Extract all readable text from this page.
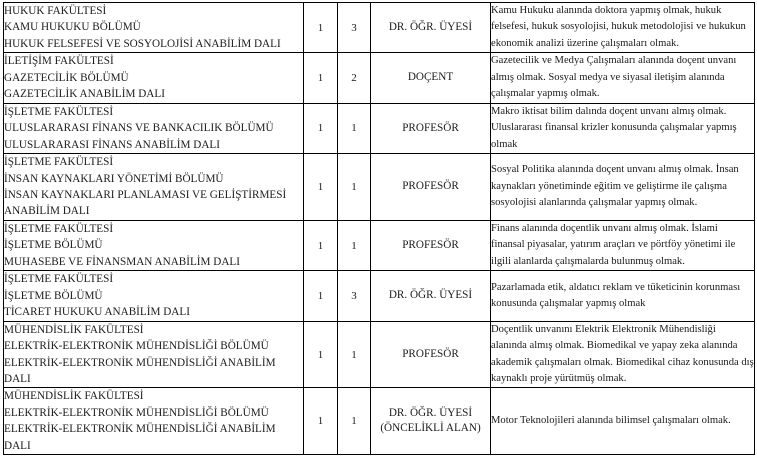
HUKUK FAKÜLTESİ
KAMU HUKUKU BÖLÜMÜ
HUKUK FELSEFESİ VE SOSYOLOJİSİ ANABİLİM DALI	1	3	DR. ÖĞR. ÜYESİ	Kamu Hukuku alanında doktora yapmış olmak, hukuk felsefesi, hukuk sosyolojisi, hukuk metodolojisi ve hukukun ekonomik analizi üzerine çalışmaları olmak.

İLETİŞİM FAKÜLTESİ
GAZETECİLİK BÖLÜMÜ
GAZETECİLİK ANABİLİM DALI	1	2	DOÇENT	Gazetecilik ve Medya Çalışmaları alanında doçent unvanı almış olmak. Sosyal medya ve siyasal iletişim alanında çalışmalar yapmış olmak.

İŞLETME FAKÜLTESİ
ULUSLARARASI FİNANS VE BANKACILIK BÖLÜMÜ
ULUSLARARASI FİNANS ANABİLİM DALI	1	1	PROFESÖR	Makro iktisat bilim dalında doçent unvanı almış olmak. Uluslararası finansal krizler konusunda çalışmalar yapmış olmak

İŞLETME FAKÜLTESİ
İNSAN KAYNAKLARI YÖNETİMİ BÖLÜMÜ
İNSAN KAYNAKLARI PLANLAMASI VE GELİŞTİRMESİ
ANABİLİM DALI	1	1	PROFESÖR	Sosyal Politika alanında doçent unvanı almış olmak. İnsan kaynakları yönetiminde eğitim ve geliştirme ile çalışma sosyolojisi alanlarında çalışmalar yapmış olmak.

İŞLETME FAKÜLTESİ
İŞLETME BÖLÜMÜ
MUHASEBE VE FİNANSMAN ANABİLİM DALI	1	1	PROFESÖR	Finans alanında doçentlik unvanı almış olmak. İslami finansal piyasalar, yatırım araçları ve pörtföy yönetimi ile ilgili alanlarda çalışmalarda bulunmuş olmak.

İŞLETME FAKÜLTESİ
İŞLETME BÖLÜMÜ
TİCARET HUKUKU ANABİLİM DALI	1	3	DR. ÖĞR. ÜYESİ	Pazarlamada etik, aldatıcı reklam ve tüketicinin korunması konusunda çalışmalar yapmış olmak

MÜHENDİSLİK FAKÜLTESİ
ELEKTRİK-ELEKTRONİK MÜHENDİSLİĞİ BÖLÜMÜ
ELEKTRİK-ELEKTRONİK MÜHENDİSLİĞİ ANABİLİM
DALI	1	1	PROFESÖR	Doçentlik unvanını Elektrik Elektronik Mühendisliği alanında almış olmak. Biomedikal ve yapay zeka alanında akademik çalışmaları olmak. Biomedikal cihaz konusunda dış kaynaklı proje yürütmüş olmak.

MÜHENDİSLİK FAKÜLTESİ
ELEKTRİK-ELEKTRONİK MÜHENDİSLİĞİ BÖLÜMÜ
ELEKTRİK-ELEKTRONİK MÜHENDİSLİĞİ ANABİLİM
DALI
	1	1	DR. ÖĞR. ÜYESİ
(ÖNCELİKLİ ALAN)
	Motor Teknolojileri alanında bilimsel çalışmaları olmak.
